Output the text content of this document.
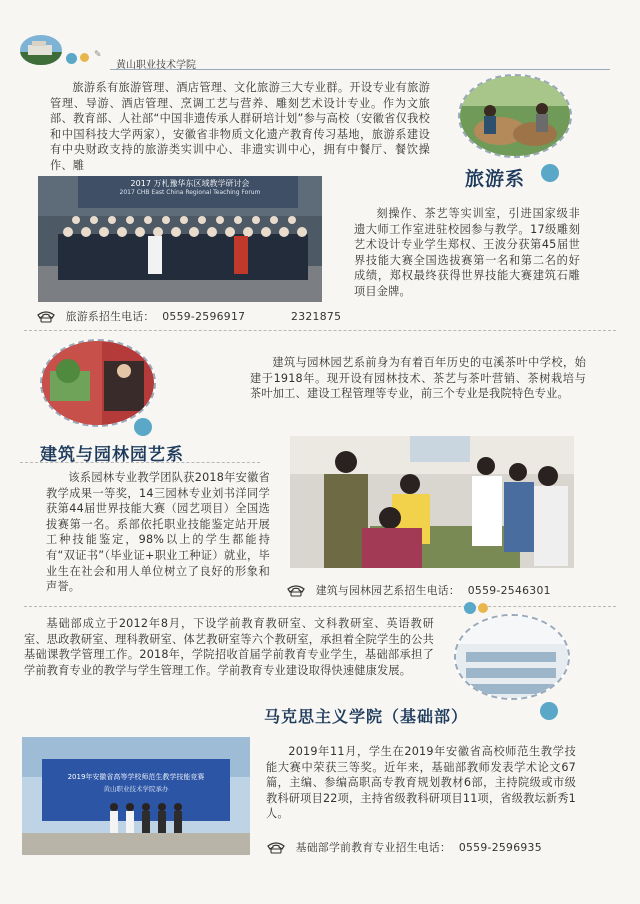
✎
黄山职业技术学院
旅游系有旅游管理、酒店管理、文化旅游三大专业群。开设专业有旅游管理、导游、酒店管理、烹调工艺与营养、雕刻艺术设计专业。作为文旅部、教育部、人社部“中国非遗传承人群研培计划”参与高校（安徽省仅我校和中国科技大学两家），安徽省非物质文化遗产教育传习基地，旅游系建设有中央财政支持的旅游类实训中心、非遗实训中心，拥有中餐厅、餐饮操作、雕
旅游系
2017 万札豫华东区域教学研讨会
2017 CHB East China Regional Teaching Forum
刻操作、茶艺等实训室，引进国家级非遗大师工作室进驻校园参与教学。17级雕刻艺术设计专业学生郑权、王波分获第45届世界技能大赛全国选拔赛第一名和第二名的好成绩，郑权最终获得世界技能大赛建筑石雕项目金牌。
旅游系招生电话： 0559-2596917	2321875
建筑与园林园艺系前身为有着百年历史的屯溪茶叶中学校，始建于1918年。现开设有园林技术、茶艺与茶叶营销、茶树栽培与茶叶加工、建设工程管理等专业，前三个专业是我院特色专业。
建筑与园林园艺系
该系园林专业教学团队获2018年安徽省教学成果一等奖，14三园林专业刘书洋同学获第44届世界技能大赛（园艺项目）全国选拔赛第一名。系部依托职业技能鉴定站开展工种技能鉴定，98%以上的学生都能持有“双证书”（毕业证+职业工种证）就业，毕业生在社会和用人单位树立了良好的形象和声誉。	建筑与园林园艺系招生电话： 0559-2546301
基础部成立于2012年8月，下设学前教育教研室、文科教研室、英语教研室、思政教研室、理科教研室、体艺教研室等六个教研室，承担着全院学生的公共基础课教学管理工作。2018年，学院招收首届学前教育专业学生，基础部承担了学前教育专业的教学与学生管理工作。学前教育专业建设取得快速健康发展。
马克思主义学院（基础部）
2019年安徽省高等学校师范生教学技能竞赛
黄山职业技术学院承办
2019年11月，学生在2019年安徽省高校师范生教学技能大赛中荣获三等奖。近年来，基础部教师发表学术论文67篇，主编、参编高职高专教育规划教材6部，主持院级或市级教科研项目22项，主持省级教科研项目11项，省级教坛新秀1人。
基础部学前教育专业招生电话： 0559-2596935
